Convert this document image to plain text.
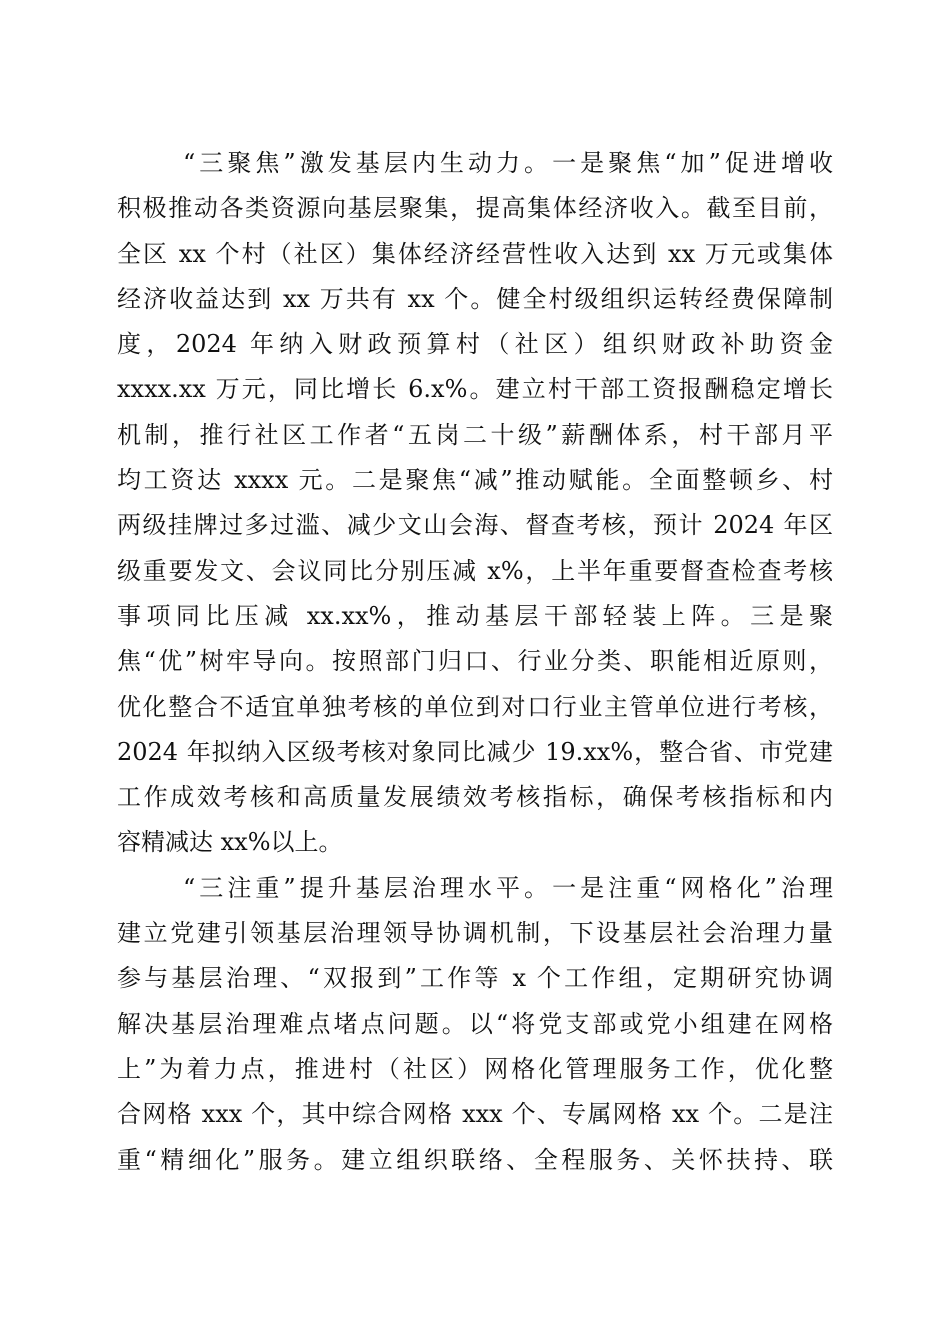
“三聚焦”激发基层内生动力。一是聚焦“加”促进增收
积极推动各类资源向基层聚集，提高集体经济收入。截至目前，
全区 xx 个村（社区）集体经济经营性收入达到 xx 万元或集体
经济收益达到 xx 万共有 xx 个。健全村级组织运转经费保障制
度，2024 年纳入财政预算村（社区）组织财政补助资金
xxxx.xx 万元，同比增长 6.x%。建立村干部工资报酬稳定增长
机制，推行社区工作者“五岗二十级”薪酬体系，村干部月平
均工资达 xxxx 元。二是聚焦“减”推动赋能。全面整顿乡、村
两级挂牌过多过滥、减少文山会海、督查考核，预计 2024 年区
级重要发文、会议同比分别压减 x%，上半年重要督查检查考核
事项同比压减 xx.xx%，推动基层干部轻装上阵。三是聚
焦“优”树牢导向。按照部门归口、行业分类、职能相近原则，
优化整合不适宜单独考核的单位到对口行业主管单位进行考核，
2024 年拟纳入区级考核对象同比减少 19.xx%，整合省、市党建
工作成效考核和高质量发展绩效考核指标，确保考核指标和内
容精减达 xx%以上。
“三注重”提升基层治理水平。一是注重“网格化”治理
建立党建引领基层治理领导协调机制，下设基层社会治理力量
参与基层治理、“双报到”工作等 x 个工作组，定期研究协调
解决基层治理难点堵点问题。以“将党支部或党小组建在网格
上”为着力点，推进村（社区）网格化管理服务工作，优化整
合网格 xxx 个，其中综合网格 xxx 个、专属网格 xx 个。二是注
重“精细化”服务。建立组织联络、全程服务、关怀扶持、联
